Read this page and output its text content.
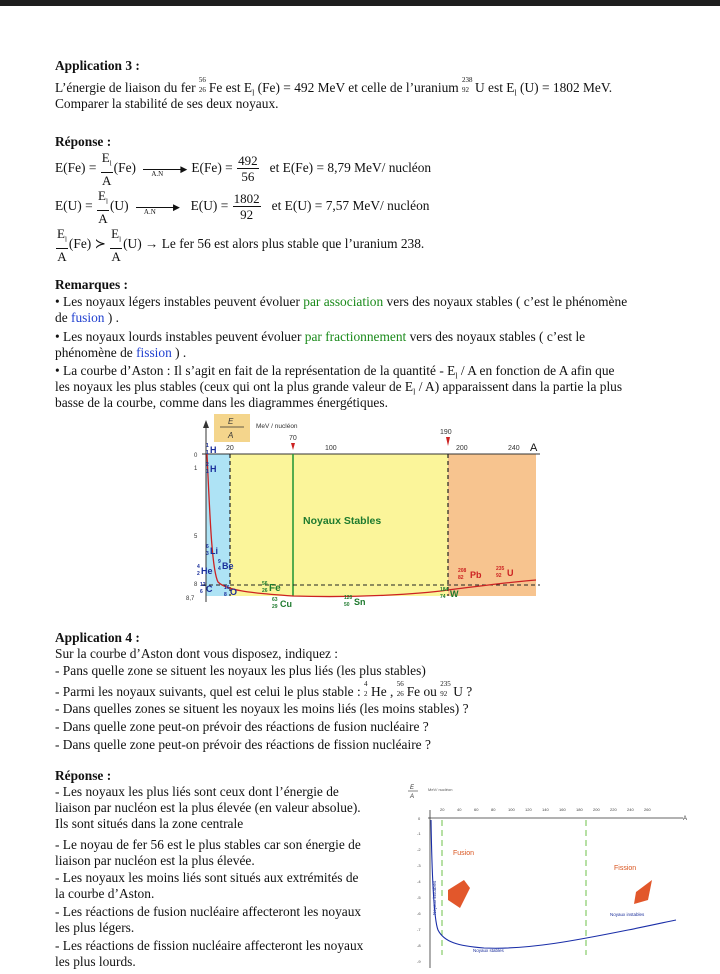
Application 3 :
L’énergie de liaison du fer 56
26 Fe est $E_l$ (Fe) = 492 MeV et celle de l’uranium 238
92 U est $E_l$ (U) = 1802 MeV.
Comparer la stabilité de ses deux noyaux.
Réponse :
$E(Fe) = \frac{E_l}{A} (Fe)$ A.N ▶ $E(Fe) = \frac{492}{56}$ et E(Fe) = 8,79 MeV/ nucléon
$E(U) = \frac{E_l}{A} (U)$ A.N ▶ $E(U) = \frac{1802}{92}$ et E(U) = 7,57 MeV/ nucléon
$\frac{E_l}{A} (Fe)$ ≻ $\frac{E_l}{A} (U) \to Le$ fer 56 est alors plus stable que l’uranium 238.
Remarques :
• Les noyaux légers instables peuvent évoluer par association vers des noyaux stables ( c’est le phénomène
de fusion ) .
• Les noyaux lourds instables peuvent évoluer par fractionnement vers des noyaux stables ( c’est le
phénomène de fission ) .
• La courbe d’Aston : Il s’agit en fait de la représentation de la quantité - $E_l$ / A en fonction de A afin que
les noyaux les plus stables (ceux qui ont la plus grande valeur de $E_l / A$) apparaissent dans la partie la plus
basse de la courbe, comme dans les diagrammes énergétiques.
E
A
MeV / nucléon
20
70
100
190
200	240 A
0
1
5
8
8,7
Noyaux Stables
1
1 H
2
1 H
6
3 Li
4
2 He
9
4 Be
12
6 C 16
8 O
56
26 Fe
63
29 Cu
120
50 Sn
184
74 W
208
82 Pb
235
92 U
Application 4 :
Sur la courbe d’Aston dont vous disposez, indiquez :
- Pans quelle zone se situent les noyaux les plus liés (les plus stables)
- Parmi les noyaux suivants, quel est celui le plus stable : 4
2 He , 56
26 Fe ou 235
92 U ?
- Dans quelles zones se situent les noyaux les moins liés (les moins stables) ?
- Dans quelle zone peut-on prévoir des réactions de fusion nucléaire ?
- Dans quelle zone peut-on prévoir des réactions de fission nucléaire ?
Réponse :
- Les noyaux les plus liés sont ceux dont l’énergie de
liaison par nucléon est la plus élevée (en valeur absolue).
Ils sont situés dans la zone centrale
- Le noyau de fer 56 est le plus stables car son énergie de
liaison par nucléon est la plus élevée.
- Les noyaux les moins liés sont situés aux extrémités de
la courbe d’Aston.
- Les réactions de fusion nucléaire affecteront les noyaux
les plus légers.
- Les réactions de fission nucléaire affecteront les noyaux
les plus lourds.
E
A
MeV/ nucléon
A
20	40	60	80	100	120	140	160	180	200	220	240	260
0
-1
-2
-3
-4
-5
-6
-7
-8
-9
Fusion
Fission
Noyaux instables	Noyaux instables
Noyaux stables
